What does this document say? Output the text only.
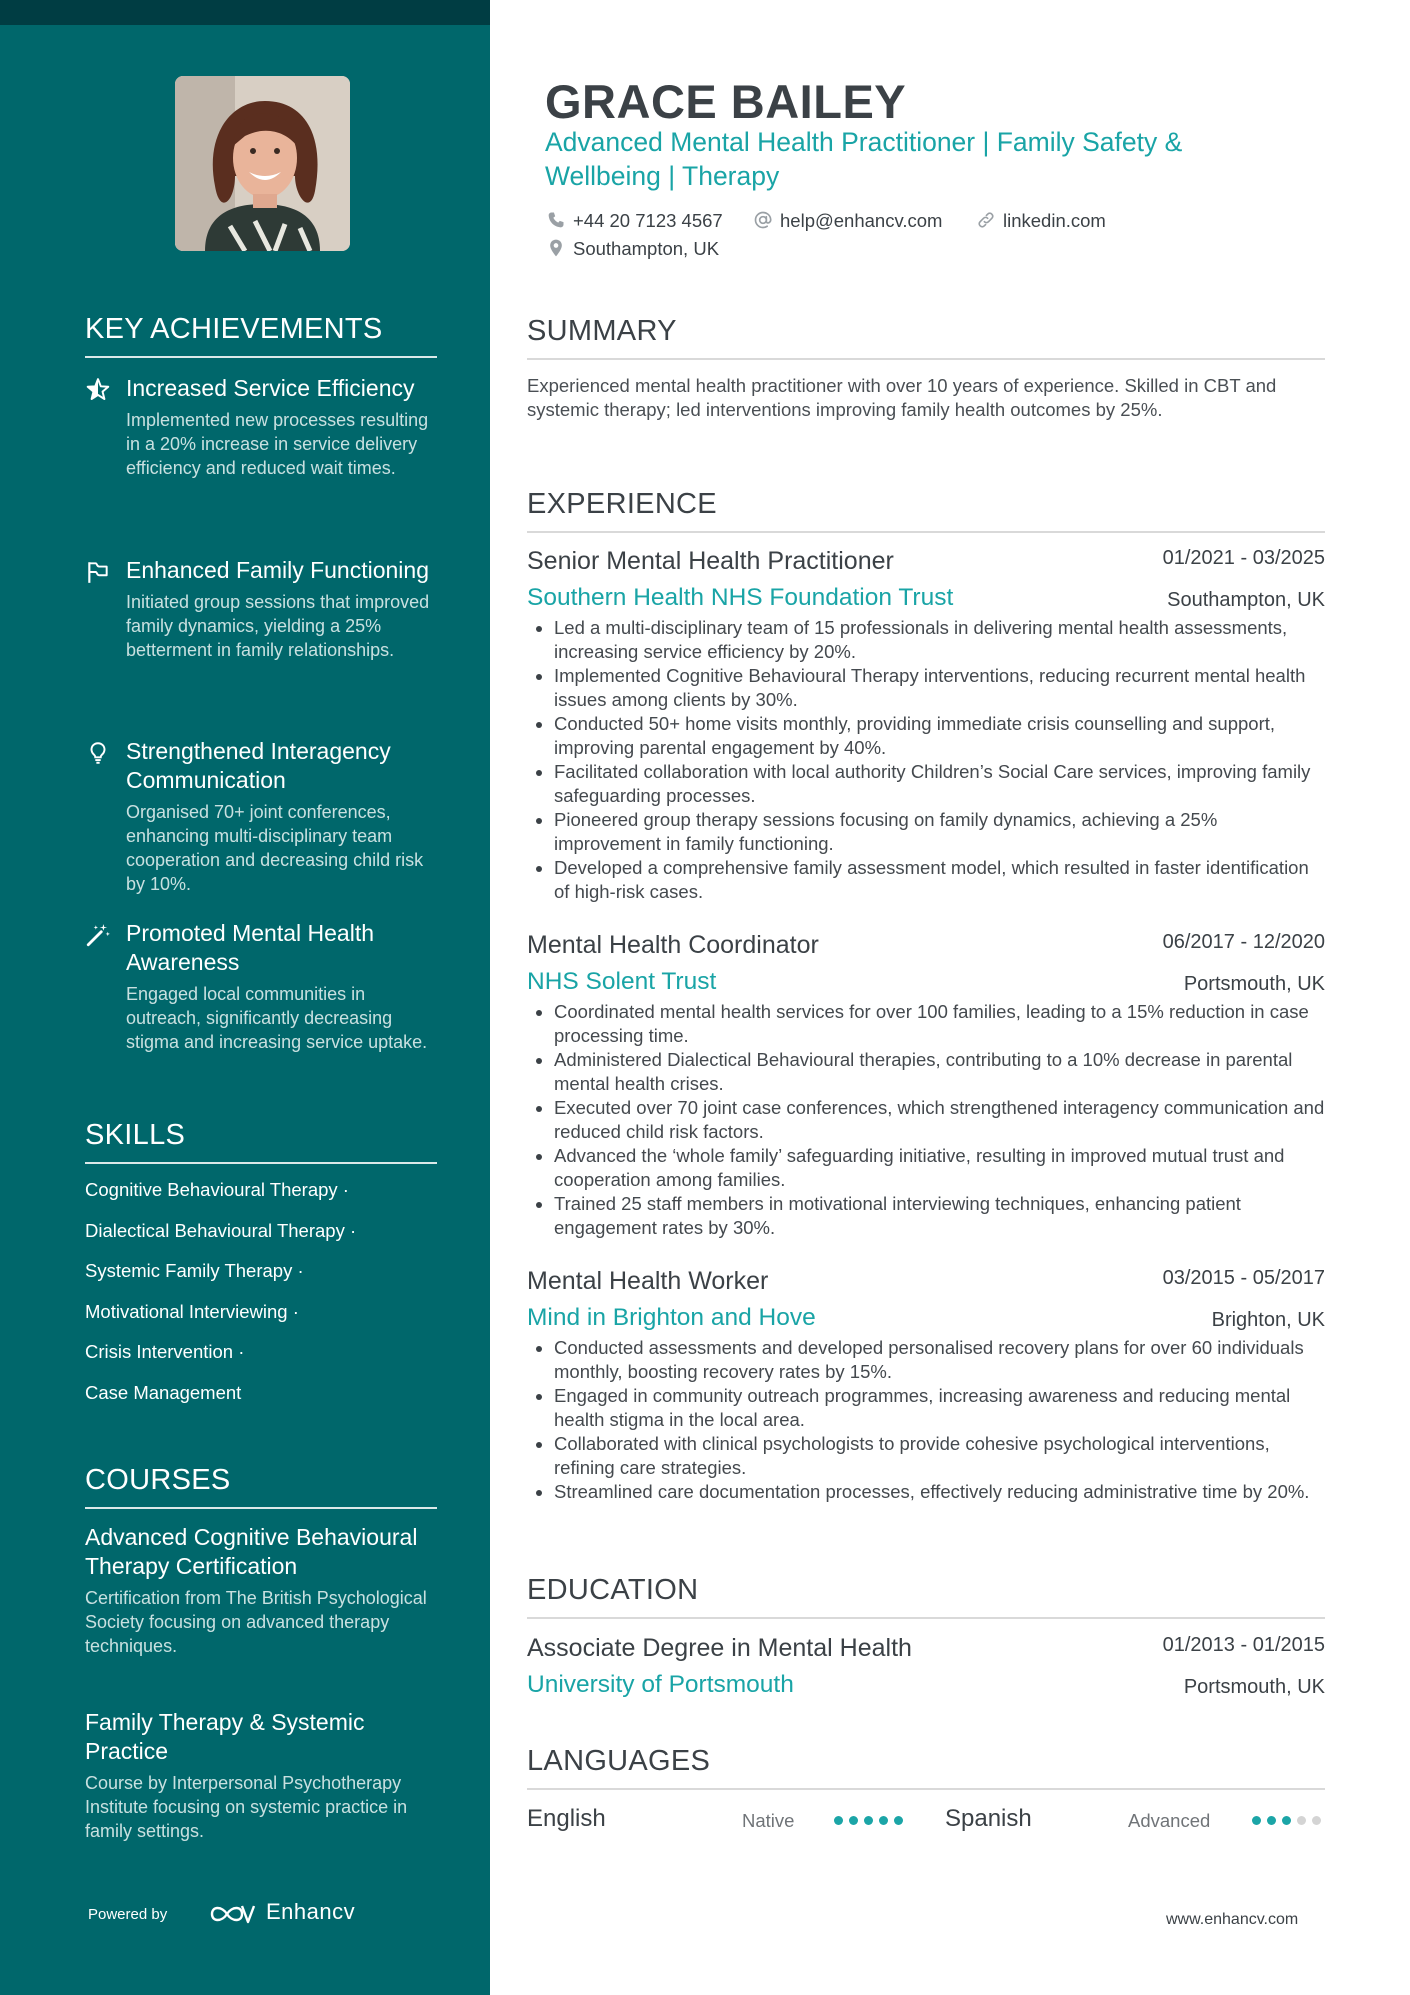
KEY ACHIEVEMENTS
Increased Service Efficiency
Implemented new processes resulting in a 20% increase in service delivery efficiency and reduced wait times.
Enhanced Family Functioning
Initiated group sessions that improved family dynamics, yielding a 25% betterment in family relationships.
Strengthened Interagency Communication
Organised 70+ joint conferences, enhancing multi-disciplinary team cooperation and decreasing child risk by 10%.
Promoted Mental Health Awareness
Engaged local communities in outreach, significantly decreasing stigma and increasing service uptake.
SKILLS
Cognitive Behavioural Therapy ·
Dialectical Behavioural Therapy ·
Systemic Family Therapy ·
Motivational Interviewing ·
Crisis Intervention ·
Case Management
COURSES
Advanced Cognitive Behavioural Therapy Certification
Certification from The British Psychological Society focusing on advanced therapy techniques.
Family Therapy & Systemic Practice
Course by Interpersonal Psychotherapy Institute focusing on systemic practice in family settings.
Powered by	Enhancv
GRACE BAILEY
Advanced Mental Health Practitioner | Family Safety & Wellbeing | Therapy
+44 20 7123 4567	help@enhancv.com	linkedin.com
Southampton, UK
SUMMARY
Experienced mental health practitioner with over 10 years of experience. Skilled in CBT and systemic therapy; led interventions improving family health outcomes by 25%.
EXPERIENCE
Senior Mental Health Practitioner	01/2021 - 03/2025
Southern Health NHS Foundation Trust	Southampton, UK
Led a multi-disciplinary team of 15 professionals in delivering mental health assessments, increasing service efficiency by 20%.
Implemented Cognitive Behavioural Therapy interventions, reducing recurrent mental health issues among clients by 30%.
Conducted 50+ home visits monthly, providing immediate crisis counselling and support, improving parental engagement by 40%.
Facilitated collaboration with local authority Children’s Social Care services, improving family safeguarding processes.
Pioneered group therapy sessions focusing on family dynamics, achieving a 25% improvement in family functioning.
Developed a comprehensive family assessment model, which resulted in faster identification of high-risk cases.
Mental Health Coordinator	06/2017 - 12/2020
NHS Solent Trust	Portsmouth, UK
Coordinated mental health services for over 100 families, leading to a 15% reduction in case processing time.
Administered Dialectical Behavioural therapies, contributing to a 10% decrease in parental mental health crises.
Executed over 70 joint case conferences, which strengthened interagency communication and reduced child risk factors.
Advanced the ‘whole family’ safeguarding initiative, resulting in improved mutual trust and cooperation among families.
Trained 25 staff members in motivational interviewing techniques, enhancing patient engagement rates by 30%.
Mental Health Worker	03/2015 - 05/2017
Mind in Brighton and Hove	Brighton, UK
Conducted assessments and developed personalised recovery plans for over 60 individuals monthly, boosting recovery rates by 15%.
Engaged in community outreach programmes, increasing awareness and reducing mental health stigma in the local area.
Collaborated with clinical psychologists to provide cohesive psychological interventions, refining care strategies.
Streamlined care documentation processes, effectively reducing administrative time by 20%.
EDUCATION
Associate Degree in Mental Health	01/2013 - 01/2015
University of Portsmouth	Portsmouth, UK
LANGUAGES
English	Native	Spanish	Advanced
www.enhancv.com
